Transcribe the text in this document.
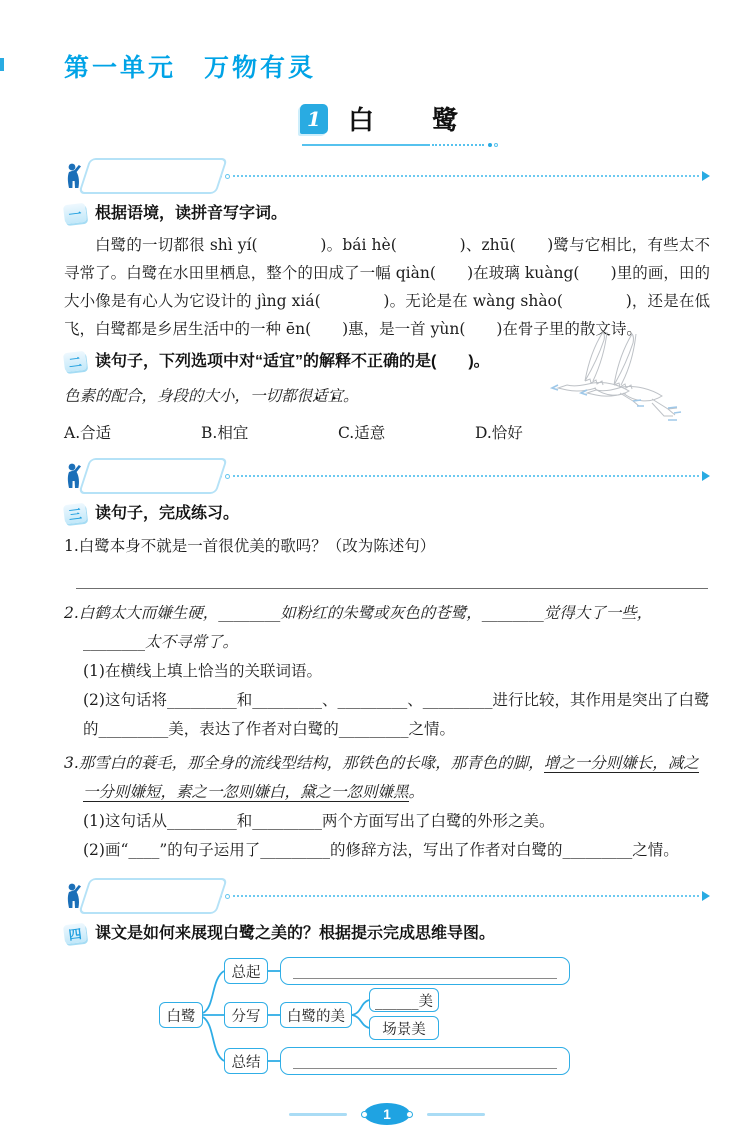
第一单元　万物有灵
1 白　鹭
字词积累练
一 根据语境，读拼音写字词。
白鹭的一切都很 shì yí(　　　　)。bái hè(　　　　)、zhū(　　)鹭与它相比，有些太不寻常了。白鹭在水田里栖息，整个的田成了一幅 qiàn(　　)在玻璃 kuàng(　　)里的画，田的大小像是有心人为它设计的 jìng xiá(　　　　)。无论是在 wàng shào(　　　　)，还是在低飞，白鹭都是乡居生活中的一种 ēn(　　)惠，是一首 yùn(　　)在骨子里的散文诗。
二 读句子，下列选项中对“适宜”的解释不正确的是(　　)。
色素的配合，身段的大小，一切都很适宜 • •。
A.合适	B.相宜	C.适意	D.恰好
语句应用练
三 读句子，完成练习。
1.白鹭本身不就是一首很优美的歌吗？（改为陈述句）
2.白鹤太大而嫌生硬，________如粉红的朱鹭或灰色的苍鹭，________觉得大了一些，________太不寻常了。
(1)在横线上填上恰当的关联词语。
(2)这句话将_________和_________、_________、_________进行比较，其作用是突出了白鹭的_________美，表达了作者对白鹭的_________之情。
3.那雪白的蓑毛，那全身的流线型结构，那铁色的长喙，那青色的脚，增之一分则嫌长，减之一分则嫌短，素之一忽则嫌白，黛之一忽则嫌黑。
(1)这句话从_________和_________两个方面写出了白鹭的外形之美。
(2)画“____”的句子运用了_________的修辞方法，写出了作者对白鹭的_________之情。
篇章感悟练
四 课文是如何来展现白鹭之美的？根据提示完成思维导图。
白鹭
总起
分写	白鹭的美
______美
场景美
总结
1
